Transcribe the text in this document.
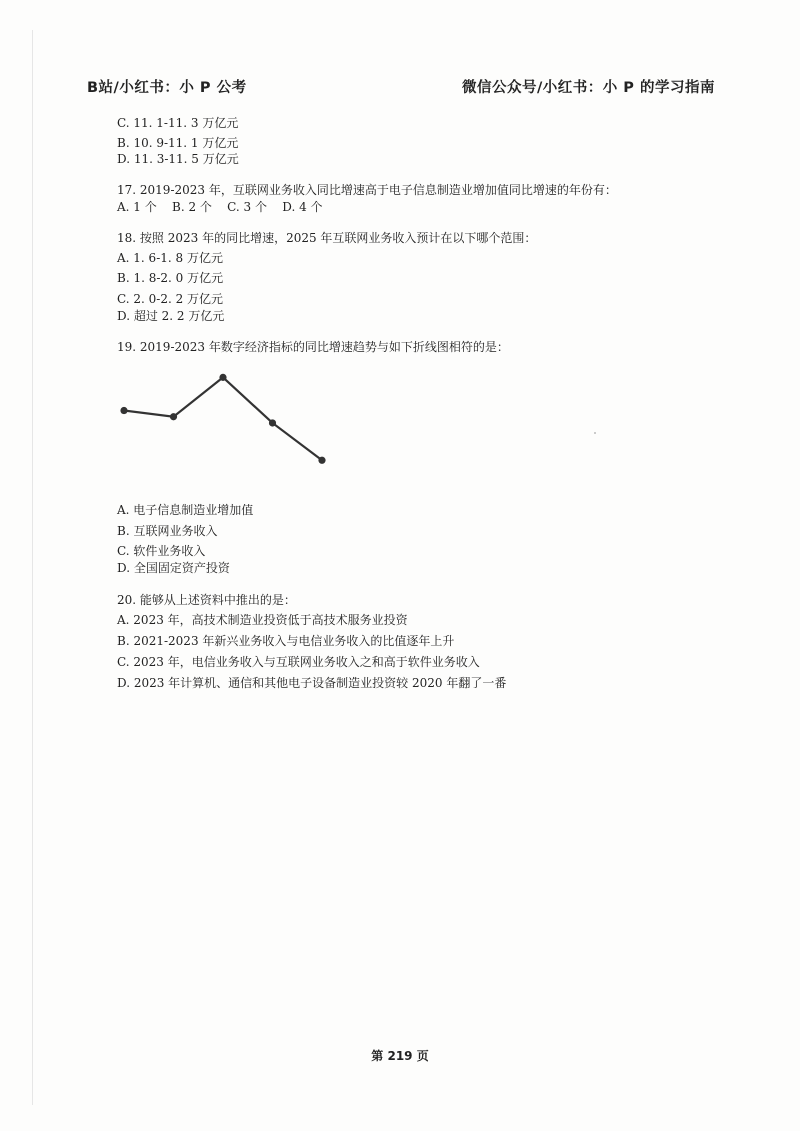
B站/小红书：小 P 公考	微信公众号/小红书：小 P 的学习指南
C. 11. 1-11. 3 万亿元
B. 10. 9-11. 1 万亿元
D. 11. 3-11. 5 万亿元
17. 2019-2023 年，互联网业务收入同比增速高于电子信息制造业增加值同比增速的年份有：
A. 1 个    B. 2 个    C. 3 个    D. 4 个
18. 按照 2023 年的同比增速，2025 年互联网业务收入预计在以下哪个范围：
A. 1. 6-1. 8 万亿元
B. 1. 8-2. 0 万亿元
C. 2. 0-2. 2 万亿元
D. 超过 2. 2 万亿元
19. 2019-2023 年数字经济指标的同比增速趋势与如下折线图相符的是：
A. 电子信息制造业增加值
B. 互联网业务收入
C. 软件业务收入
D. 全国固定资产投资
20. 能够从上述资料中推出的是：
A. 2023 年，高技术制造业投资低于高技术服务业投资
B. 2021-2023 年新兴业务收入与电信业务收入的比值逐年上升
C. 2023 年，电信业务收入与互联网业务收入之和高于软件业务收入
D. 2023 年计算机、通信和其他电子设备制造业投资较 2020 年翻了一番
第 219 页
